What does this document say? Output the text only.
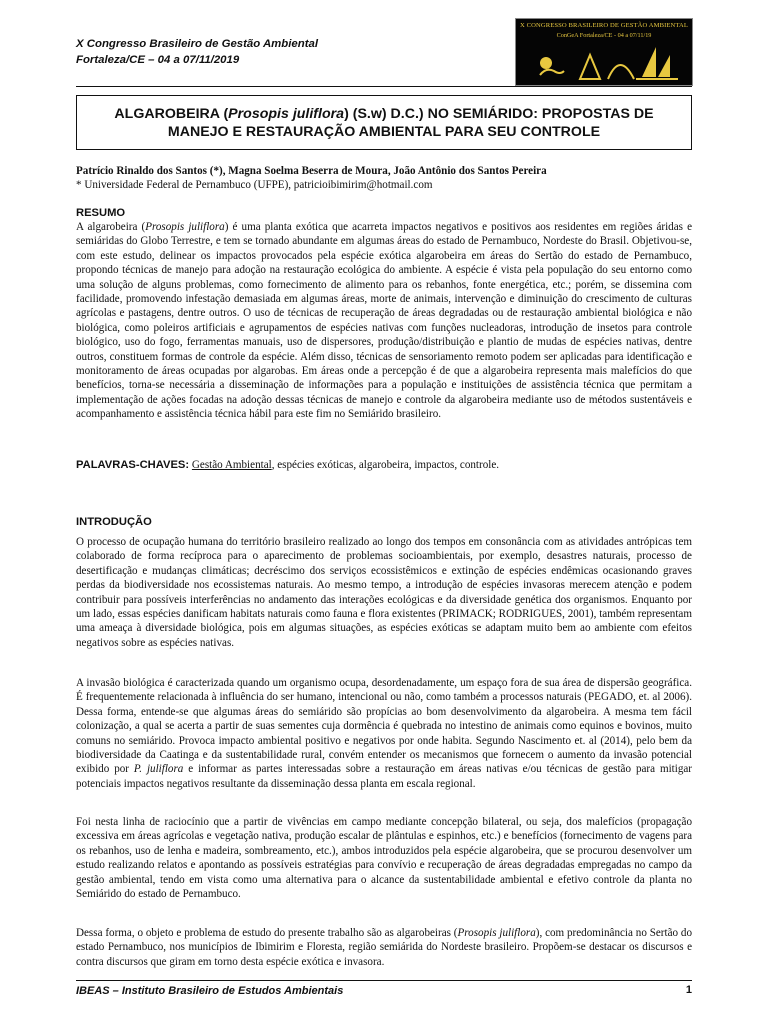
X Congresso Brasileiro de Gestão Ambiental
Fortaleza/CE – 04 a 07/11/2019
X CONGRESSO BRASILEIRO DE GESTÃO AMBIENTAL
ConGeA Fortaleza/CE - 04 a 07/11/19
ALGAROBEIRA (Prosopis juliflora) (S.w) D.C.) NO SEMIÁRIDO: PROPOSTAS DE
MANEJO E RESTAURAÇÃO AMBIENTAL PARA SEU CONTROLE
Patrício Rinaldo dos Santos (*), Magna Soelma Beserra de Moura, João Antônio dos Santos Pereira
* Universidade Federal de Pernambuco (UFPE), patricioibimirim@hotmail.com
RESUMO
A algarobeira (Prosopis juliflora) é uma planta exótica que acarreta impactos negativos e positivos aos residentes em regiões áridas e semiáridas do Globo Terrestre, e tem se tornado abundante em algumas áreas do estado de Pernambuco, Nordeste do Brasil. Objetivou-se, com este estudo, delinear os impactos provocados pela espécie exótica algarobeira em áreas do Sertão do estado de Pernambuco, propondo técnicas de manejo para adoção na restauração ecológica do ambiente. A espécie é vista pela população do seu entorno como uma solução de alguns problemas, como fornecimento de alimento para os rebanhos, fonte energética, etc.; porém, se dissemina com facilidade, promovendo infestação demasiada em algumas áreas, morte de animais, intervenção e diminuição do crescimento de culturas agrícolas e pastagens, dentre outros. O uso de técnicas de recuperação de áreas degradadas ou de restauração ambiental biológica e não biológica, como poleiros artificiais e agrupamentos de espécies nativas com funções nucleadoras, introdução de insetos para controle biológico, uso do fogo, ferramentas manuais, uso de dispersores, produção/distribuição e plantio de mudas de espécies nativas, dentre outros, constituem formas de controle da espécie. Além disso, técnicas de sensoriamento remoto podem ser aplicadas para identificação e monitoramento de áreas ocupadas por algarobas. Em áreas onde a percepção é de que a algarobeira representa mais malefícios do que benefícios, torna-se necessária a disseminação de informações para a população e instituições de assistência técnica que permitam a implementação de ações focadas na adoção dessas técnicas de manejo e controle da algarobeira mediante uso de métodos sustentáveis e acompanhamento e assistência técnica hábil para este fim no Semiárido brasileiro.
PALAVRAS-CHAVES: Gestão Ambiental, espécies exóticas, algarobeira, impactos, controle.
INTRODUÇÃO
O processo de ocupação humana do território brasileiro realizado ao longo dos tempos em consonância com as atividades antrópicas tem colaborado de forma recíproca para o aparecimento de problemas socioambientais, por exemplo, desastres naturais, processo de desertificação e mudanças climáticas; decréscimo dos serviços ecossistêmicos e extinção de espécies endêmicas ocasionando graves perdas da biodiversidade nos ecossistemas naturais. Ao mesmo tempo, a introdução de espécies invasoras merecem atenção e podem contribuir para possíveis interferências no andamento das interações ecológicas e da diversidade genética dos organismos. Enquanto por um lado, essas espécies danificam habitats naturais como fauna e flora existentes (PRIMACK; RODRIGUES, 2001), também representam uma ameaça à diversidade biológica, pois em algumas situações, as espécies exóticas se adaptam muito bem ao ambiente com efeitos negativos sobre as espécies nativas.
A invasão biológica é caracterizada quando um organismo ocupa, desordenadamente, um espaço fora de sua área de dispersão geográfica. É frequentemente relacionada à influência do ser humano, intencional ou não, como também a processos naturais (PEGADO, et. al 2006). Dessa forma, entende-se que algumas áreas do semiárido são propícias ao bom desenvolvimento da algarobeira. A mesma tem fácil colonização, a qual se acerta a partir de suas sementes cuja dormência é quebrada no intestino de animais como equinos e bovinos, muito comuns no semiárido. Provoca impacto ambiental positivo e negativos por onde habita. Segundo Nascimento et. al (2014), pelo bem da biodiversidade da Caatinga e da sustentabilidade rural, convém entender os mecanismos que fornecem o aumento da invasão potencial exibido por P. juliflora e informar as partes interessadas sobre a restauração em áreas nativas e/ou técnicas de gestão para mitigar potenciais impactos negativos resultante da disseminação dessa planta em escala regional.
Foi nesta linha de raciocínio que a partir de vivências em campo mediante concepção bilateral, ou seja, dos malefícios (propagação excessiva em áreas agrícolas e vegetação nativa, produção escalar de plântulas e espinhos, etc.) e benefícios (fornecimento de vagens para os rebanhos, uso de lenha e madeira, sombreamento, etc.), ambos introduzidos pela espécie algarobeira, que se procurou desenvolver um estudo realizando relatos e apontando as possíveis estratégias para convívio e recuperação de áreas degradadas empregadas no campo da gestão ambiental, tendo em vista como uma alternativa para o alcance da sustentabilidade ambiental e efetivo controle da planta no Semiárido do estado de Pernambuco.
Dessa forma, o objeto e problema de estudo do presente trabalho são as algarobeiras (Prosopis juliflora), com predominância no Sertão do estado Pernambuco, nos municípios de Ibimirim e Floresta, região semiárida do Nordeste brasileiro. Propõem-se destacar os discursos e contra discursos que giram em torno desta espécie exótica e invasora.
IBEAS – Instituto Brasileiro de Estudos Ambientais	1
